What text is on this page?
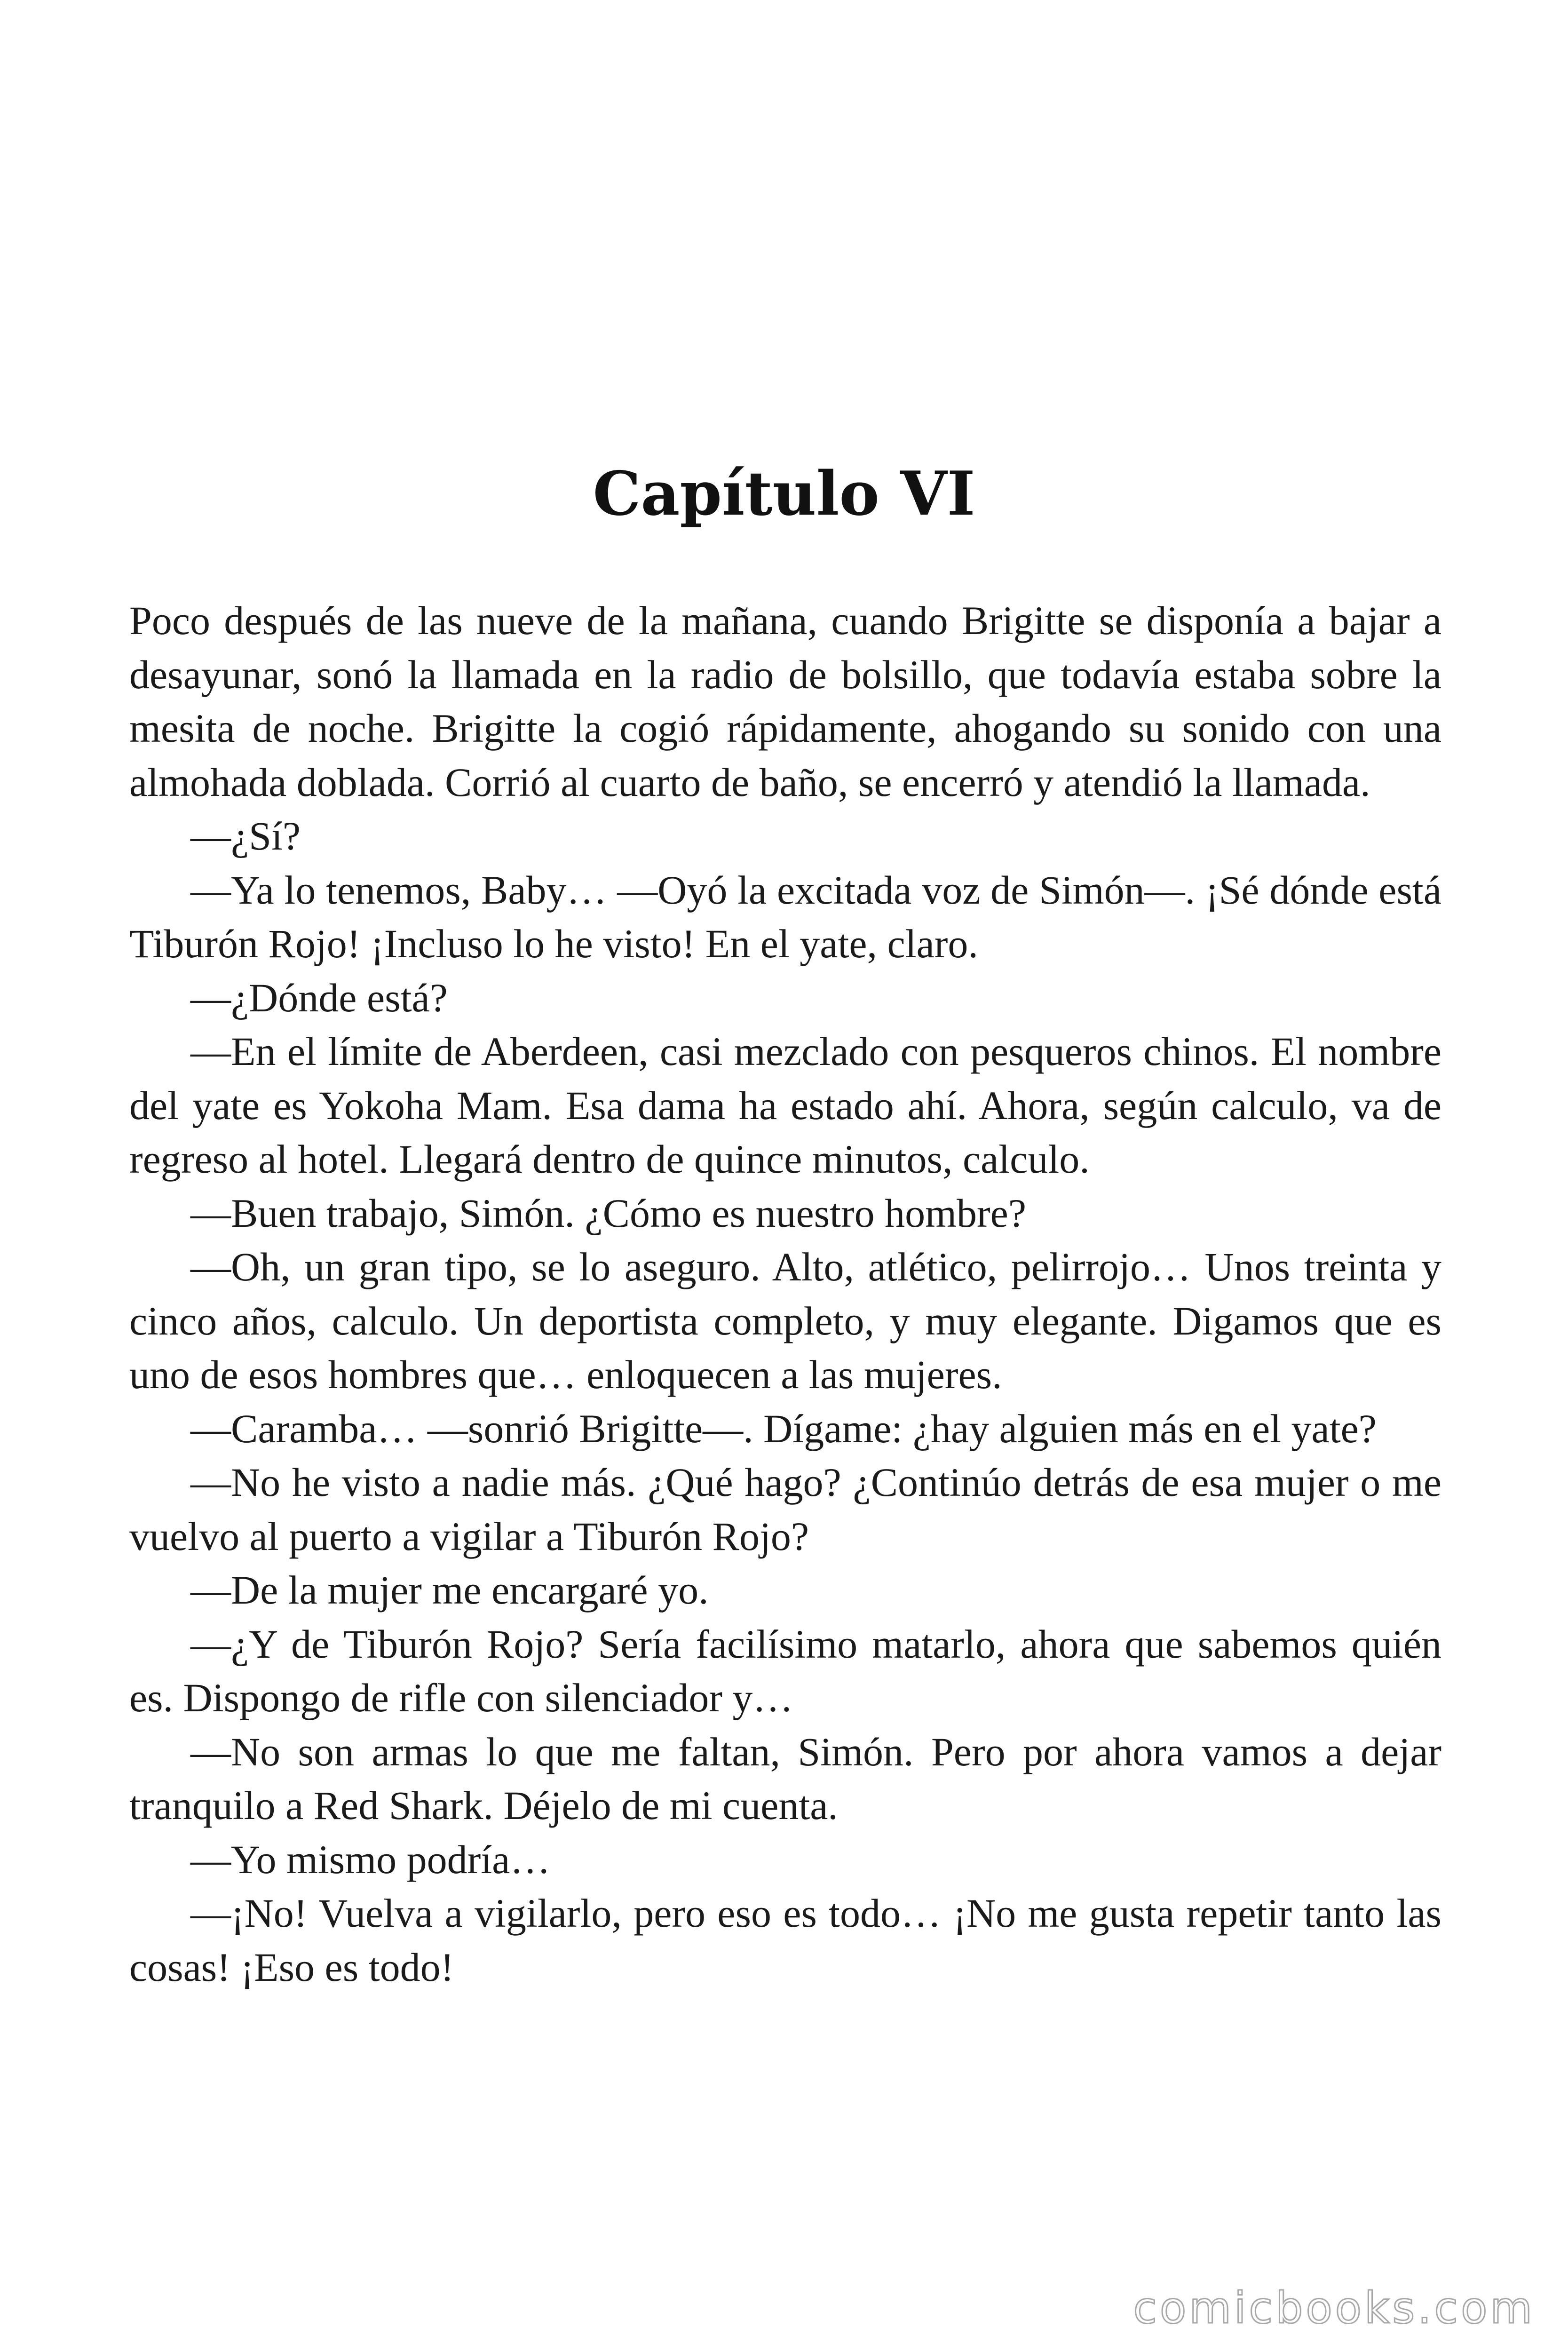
Capítulo VI

Poco después de las nueve de la mañana, cuando Brigitte se disponía a bajar a desayunar, sonó la llamada en la radio de bolsillo, que todavía estaba sobre la mesita de noche. Brigitte la cogió rápidamente, ahogando su sonido con una almohada doblada. Corrió al cuarto de baño, se encerró y atendió la llamada.

—¿Sí?

—Ya lo tenemos, Baby… —Oyó la excitada voz de Simón—. ¡Sé dónde está Tiburón Rojo! ¡Incluso lo he visto! En el yate, claro.

—¿Dónde está?

—En el límite de Aberdeen, casi mezclado con pesqueros chinos. El nombre del yate es Yokoha Mam. Esa dama ha estado ahí. Ahora, según calculo, va de regreso al hotel. Llegará dentro de quince minutos, calculo.

—Buen trabajo, Simón. ¿Cómo es nuestro hombre?

—Oh, un gran tipo, se lo aseguro. Alto, atlético, pelirrojo… Unos treinta y cinco años, calculo. Un deportista completo, y muy elegante. Digamos que es uno de esos hombres que… enloquecen a las mujeres.

—Caramba… —sonrió Brigitte—. Dígame: ¿hay alguien más en el yate?

—No he visto a nadie más. ¿Qué hago? ¿Continúo detrás de esa mujer o me vuelvo al puerto a vigilar a Tiburón Rojo?

—De la mujer me encargaré yo.

—¿Y de Tiburón Rojo? Sería facilísimo matarlo, ahora que sabemos quién es. Dispongo de rifle con silenciador y…

—No son armas lo que me faltan, Simón. Pero por ahora vamos a dejar tranquilo a Red Shark. Déjelo de mi cuenta.

—Yo mismo podría…

—¡No! Vuelva a vigilarlo, pero eso es todo… ¡No me gusta repetir tanto las cosas! ¡Eso es todo!

comicbooks.com
